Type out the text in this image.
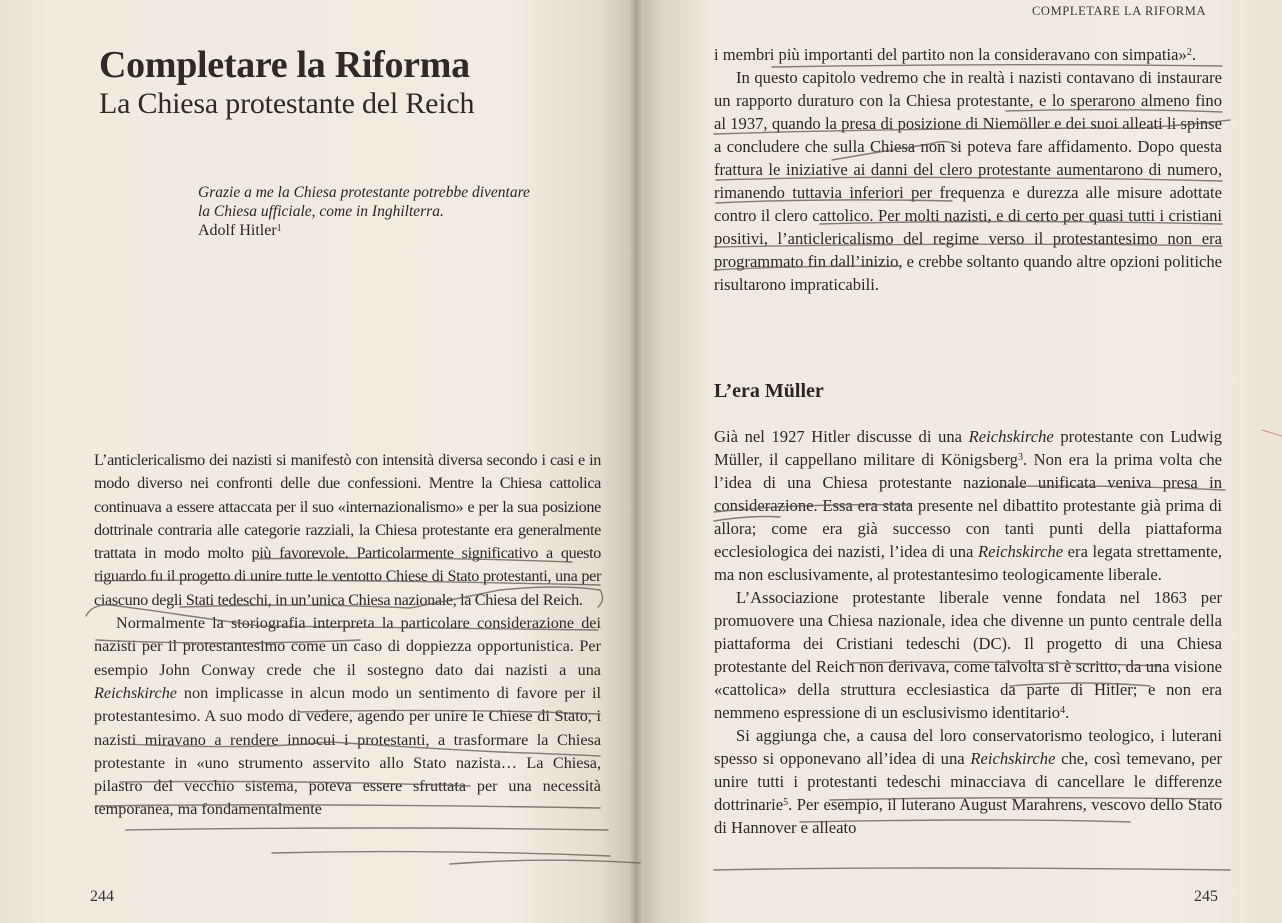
Completare la Riforma
La Chiesa protestante del Reich
Grazie a me la Chiesa protestante potrebbe diventare
la Chiesa ufficiale, come in Inghilterra.
Adolf Hitler$^1$

L’anticlericalismo dei nazisti si manifestò con intensità diversa secondo i casi e in modo diverso nei confronti delle due confessioni. Mentre la Chiesa cattolica continuava a essere attaccata per il suo «internazionalismo» e per la sua posizione dottrinale contraria alle categorie razziali, la Chiesa protestante era generalmente trattata in modo molto più favorevole. Particolarmente significativo a questo riguardo fu il progetto di unire tutte le ventotto Chiese di Stato protestanti, una per ciascuno degli Stati tedeschi, in un’unica Chiesa nazionale, la Chiesa del Reich.

Normalmente la storiografia interpreta la particolare considerazione dei nazisti per il protestantesimo come un caso di doppiezza opportunistica. Per esempio John Conway crede che il sostegno dato dai nazisti a una Reichskirche non implicasse in alcun modo un sentimento di favore per il protestantesimo. A suo modo di vedere, agendo per unire le Chiese di Stato, i nazisti miravano a rendere innocui i protestanti, a trasformare la Chiesa protestante in «uno strumento asservito allo Stato nazista… La Chiesa, pilastro del vecchio sistema, poteva essere sfruttata per una necessità temporanea, ma fondamentalmente

244
COMPLETARE LA RIFORMA

i membri più importanti del partito non la consideravano con simpatia»$^2$.

In questo capitolo vedremo che in realtà i nazisti contavano di instaurare un rapporto duraturo con la Chiesa protestante, e lo sperarono almeno fino al 1937, quando la presa di posizione di Niemöller e dei suoi alleati li spinse a concludere che sulla Chiesa non si poteva fare affidamento. Dopo questa frattura le iniziative ai danni del clero protestante aumentarono di numero, rimanendo tuttavia inferiori per frequenza e durezza alle misure adottate contro il clero cattolico. Per molti nazisti, e di certo per quasi tutti i cristiani positivi, l’anticlericalismo del regime verso il protestantesimo non era programmato fin dall’inizio, e crebbe soltanto quando altre opzioni politiche risultarono impraticabili.

L’era Müller

Già nel 1927 Hitler discusse di una Reichskirche protestante con Ludwig Müller, il cappellano militare di Königsberg$^3$. Non era la prima volta che l’idea di una Chiesa protestante nazionale unificata veniva presa in considerazione. Essa era stata presente nel dibattito protestante già prima di allora; come era già successo con tanti punti della piattaforma ecclesiologica dei nazisti, l’idea di una Reichskirche era legata strettamente, ma non esclusivamente, al protestantesimo teologicamente liberale.

L’Associazione protestante liberale venne fondata nel 1863 per promuovere una Chiesa nazionale, idea che divenne un punto centrale della piattaforma dei Cristiani tedeschi (DC). Il progetto di una Chiesa protestante del Reich non derivava, come talvolta si è scritto, da una visione «cattolica» della struttura ecclesiastica da parte di Hitler; e non era nemmeno espressione di un esclusivismo identitario$^4$.

Si aggiunga che, a causa del loro conservatorismo teologico, i luterani spesso si opponevano all’idea di una Reichskirche che, così temevano, per unire tutti i protestanti tedeschi minacciava di cancellare le differenze dottrinarie$^5$. Per esempio, il luterano August Marahrens, vescovo dello Stato di Hannover e alleato

245
